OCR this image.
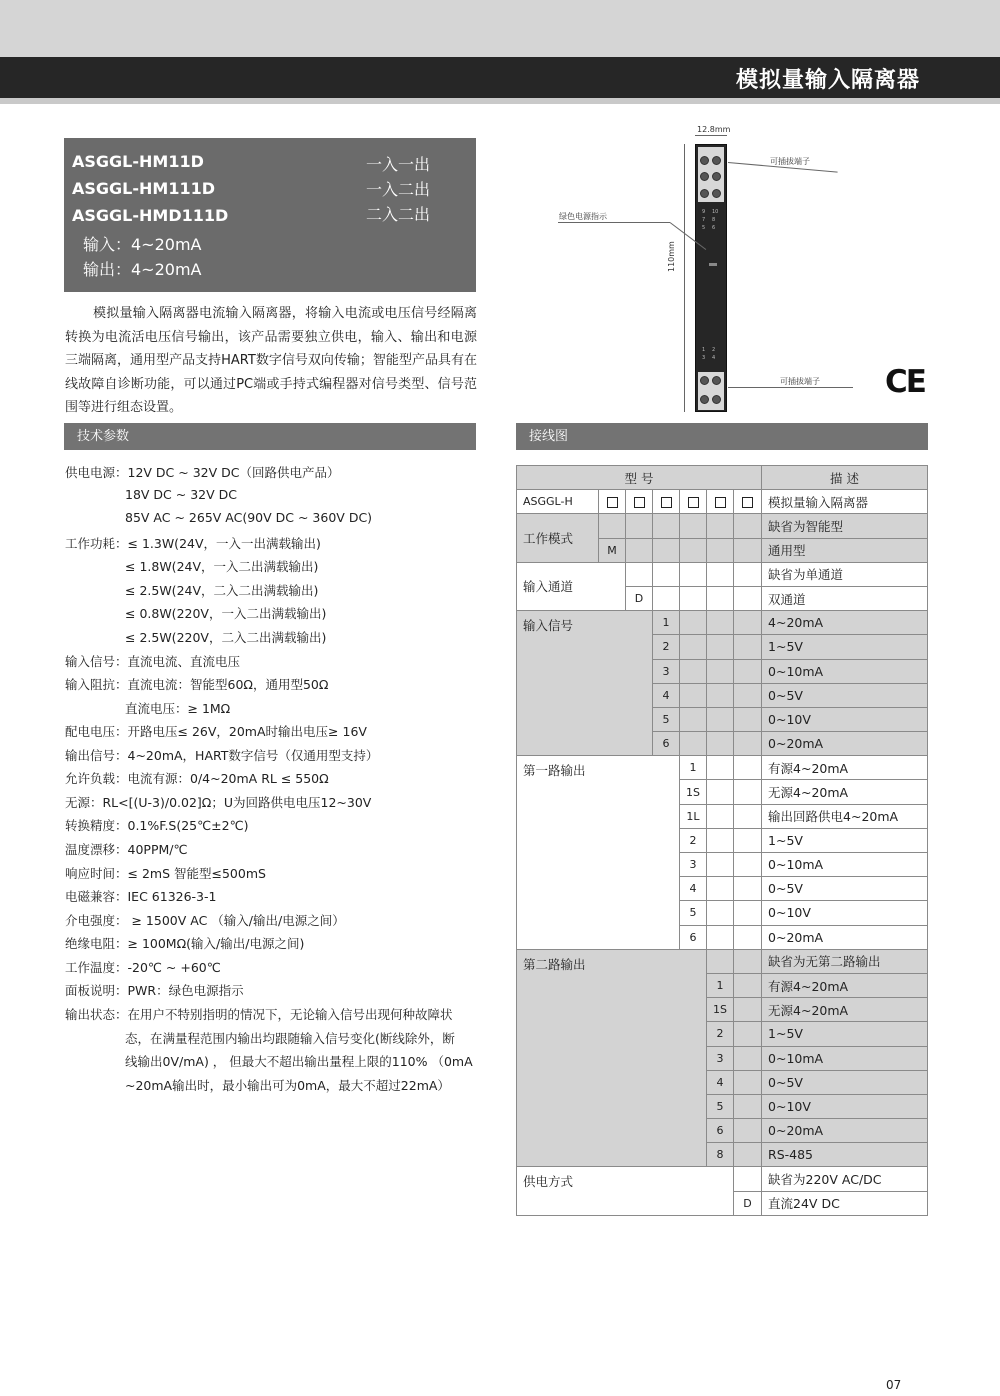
模拟量输入隔离器
ASGGL-HM11D	一入一出
ASGGL-HM111D	一入二出
ASGGL-HMD111D	二入二出
输入：4~20mA
输出：4~20mA

模拟量输入隔离器电流输入隔离器，将输入电流或电压信号经隔离转换为电流活电压信号输出，该产品需要独立供电，输入、输出和电源三端隔离，通用型产品支持HART数字信号双向传输；智能型产品具有在线故障自诊断功能，可以通过PC端或手持式编程器对信号类型、信号范围等进行组态设置。

技术参数	接线图
供电电源：12V DC ~ 32V DC（回路供电产品）
18V DC ~ 32V DC
85V AC ~ 265V AC(90V DC ~ 360V DC)
工作功耗：≤ 1.3W(24V，一入一出满载输出)
≤ 1.8W(24V，一入二出满载输出)
≤ 2.5W(24V，二入二出满载输出)
≤ 0.8W(220V，一入二出满载输出)
≤ 2.5W(220V，二入二出满载输出)
输入信号：直流电流、直流电压
输入阻抗：直流电流：智能型60Ω，通用型50Ω
直流电压：≥ 1MΩ
配电电压：开路电压≤ 26V，20mA时输出电压≥ 16V
输出信号：4~20mA，HART数字信号（仅通用型支持）
允许负载：电流有源：0/4~20mA RL ≤ 550Ω
无源：RL<[(U-3)/0.02]Ω；U为回路供电电压12~30V
转换精度：0.1%F.S(25℃±2℃)
温度漂移：40PPM/℃
响应时间：≤ 2mS 智能型≤500mS
电磁兼容：IEC 61326-3-1
介电强度： ≥ 1500V AC （输入/输出/电源之间）
绝缘电阻：≥ 100MΩ(输入/输出/电源之间)
工作温度：-20℃ ~ +60℃
面板说明：PWR：绿色电源指示
输出状态：在用户不特别指明的情况下，无论输入信号出现何种故障状
态，在满量程范围内输出均跟随输入信号变化(断线除外，断
线输出0V/mA) ， 但最大不超出输出量程上限的110% （0mA
~20mA输出时，最小输出可为0mA，最大不超过22mA）
12.8mm
110mm
9 10
7 8
5 6
1 2
3 4
可插拔端子
绿色电源指示
可插拔端子 CE
型 号							描 述
ASGGL-H							模拟量输入隔离器
工作模式							缺省为智能型
	M						通用型
输入通道							缺省为单通道
		D					双通道
输入信号			1				4~20mA
			2				1~5V
			3				0~10mA
			4				0~5V
			5				0~10V
			6				0~20mA
第一路输出				1			有源4~20mA
				1S			无源4~20mA
				1L			输出回路供电4~20mA
				2			1~5V
				3			0~10mA
				4			0~5V
				5			0~10V
				6			0~20mA
第二路输出							缺省为无第二路输出
					1		有源4~20mA
					1S		无源4~20mA
					2		1~5V
					3		0~10mA
					4		0~5V
					5		0~10V
					6		0~20mA
					8		RS-485
供电方式							缺省为220V AC/DC
						D	直流24V DC
07
